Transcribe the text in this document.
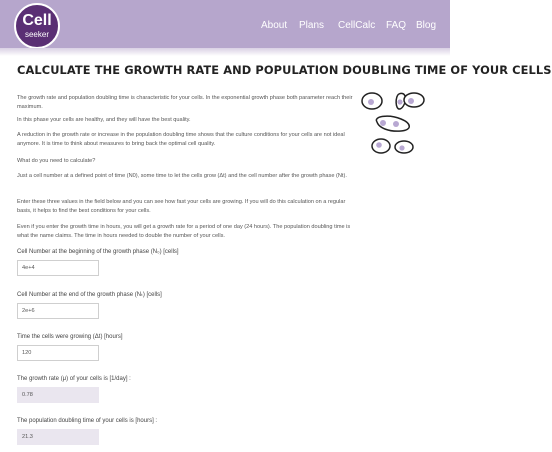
Cell
seeker
About Plans CellCalc FAQ Blog
CALCULATE THE GROWTH RATE AND POPULATION DOUBLING TIME OF YOUR CELLS

The growth rate and population doubling time is characteristic for your cells. In the exponential growth phase both parameter reach their maximum.

In this phase your cells are healthy, and they will have the best quality.

A reduction in the growth rate or increase in the population doubling time shows that the culture conditions for your cells are not ideal anymore. It is time to think about measures to bring back the optimal cell quality.

What do you need to calculate?

Just a cell number at a defined point of time (N0), some time to let the cells grow (Δt) and the cell number after the growth phase (Nt).

Enter these three values in the field below and you can see how fast your cells are growing. If you will do this calculation on a regular basis, it helps to find the best conditions for your cells.

Even if you enter the growth time in hours, you will get a growth rate for a period of one day (24 hours). The population doubling time is what the name claims. The time in hours needed to double the number of your cells.

Cell Number at the beginning of the growth phase (N₀) [cells]
4e+4
Cell Number at the end of the growth phase (Nₜ) [cells]
2e+6
Time the cells were growing (Δt) [hours]
120
The growth rate (μ) of your cells is [1/day] :
0.78
The population doubling time of your cells is [hours] :
21.3
